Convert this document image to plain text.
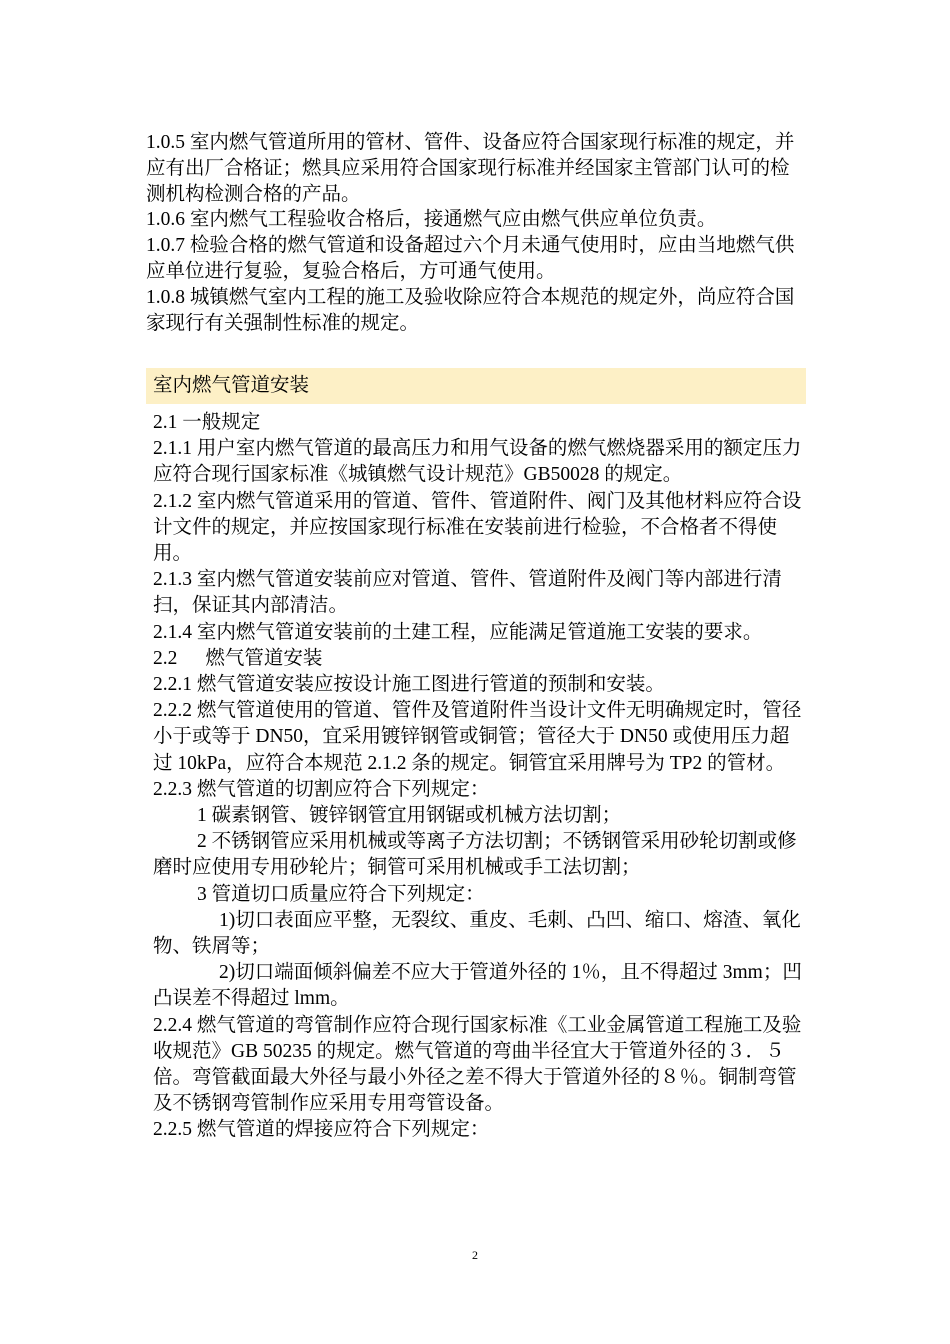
1.0.5 室内燃气管道所用的管材、管件、设备应符合国家现行标准的规定，并应有出厂合格证；燃具应采用符合国家现行标准并经国家主管部门认可的检测机构检测合格的产品。

1.0.6 室内燃气工程验收合格后，接通燃气应由燃气供应单位负责。

1.0.7 检验合格的燃气管道和设备超过六个月未通气使用时，应由当地燃气供应单位进行复验，复验合格后，方可通气使用。

1.0.8 城镇燃气室内工程的施工及验收除应符合本规范的规定外，尚应符合国家现行有关强制性标准的规定。

室内燃气管道安装

2.1 一般规定

2.1.1 用户室内燃气管道的最高压力和用气设备的燃气燃烧器采用的额定压力应符合现行国家标准《城镇燃气设计规范》GB50028 的规定。

2.1.2 室内燃气管道采用的管道、管件、管道附件、阀门及其他材料应符合设计文件的规定，并应按国家现行标准在安装前进行检验，不合格者不得使用。

2.1.3 室内燃气管道安装前应对管道、管件、管道附件及阀门等内部进行清扫，保证其内部清洁。

2.1.4 室内燃气管道安装前的土建工程，应能满足管道施工安装的要求。

2.2 燃气管道安装

2.2.1 燃气管道安装应按设计施工图进行管道的预制和安装。

2.2.2 燃气管道使用的管道、管件及管道附件当设计文件无明确规定时，管径小于或等于 DN50，宜采用镀锌钢管或铜管；管径大于 DN50 或使用压力超过 10kPa，应符合本规范 2.1.2 条的规定。铜管宜采用牌号为 TP2 的管材。

2.2.3 燃气管道的切割应符合下列规定：

1 碳素钢管、镀锌钢管宜用钢锯或机械方法切割；

2 不锈钢管应采用机械或等离子方法切割；不锈钢管采用砂轮切割或修磨时应使用专用砂轮片；铜管可采用机械或手工法切割；

3 管道切口质量应符合下列规定：

1)切口表面应平整，无裂纹、重皮、毛刺、凸凹、缩口、熔渣、氧化物、铁屑等；

2)切口端面倾斜偏差不应大于管道外径的 1％，且不得超过 3mm；凹凸误差不得超过 lmm。

2.2.4 燃气管道的弯管制作应符合现行国家标准《工业金属管道工程施工及验收规范》GB 50235 的规定。燃气管道的弯曲半径宜大于管道外径的３．５倍。弯管截面最大外径与最小外径之差不得大于管道外径的８％。铜制弯管及不锈钢弯管制作应采用专用弯管设备。

2.2.5 燃气管道的焊接应符合下列规定：

2
